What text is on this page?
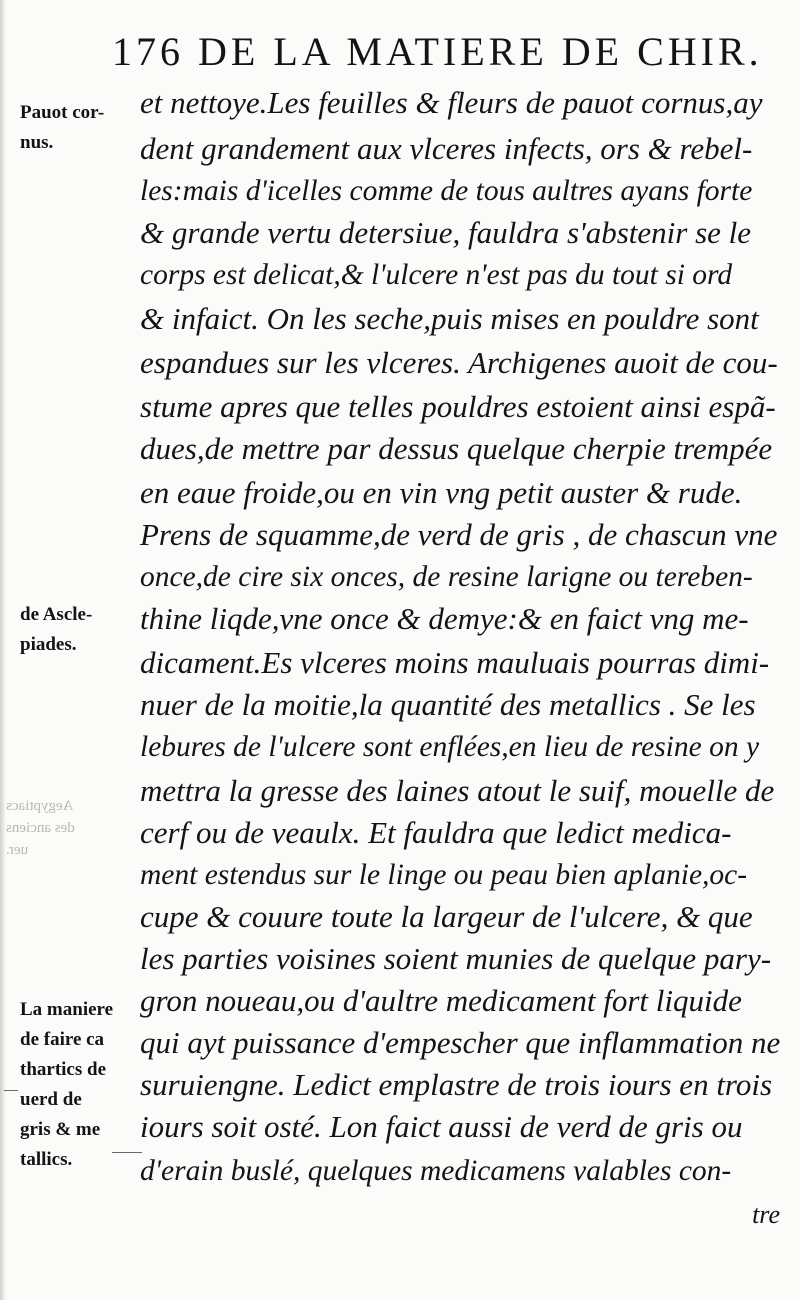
Aegyptiacs
des anciens
uer.
176 DE LA MATIERE DE CHIR.
Pauot cor-
nus.
de Ascle-
piades.
La maniere
de faire ca
thartics de
uerd de
gris & me
tallics.
et nettoye.Les feuilles & fleurs de pauot cornus,ay
dent grandement aux vlceres infects, ors & rebel-
les:mais d'icelles comme de tous aultres ayans forte
& grande vertu detersiue, fauldra s'abstenir se le
corps est delicat,& l'ulcere n'est pas du tout si ord
& infaict. On les seche,puis mises en pouldre sont
espandues sur les vlceres. Archigenes auoit de cou-
stume apres que telles pouldres estoient ainsi espã-
dues,de mettre par dessus quelque cherpie trempée
en eaue froide,ou en vin vng petit auster & rude.
Prens de squamme,de verd de gris , de chascun vne
once,de cire six onces, de resine larigne ou tereben-
thine liqde,vne once & demye:& en faict vng me-
dicament.Es vlceres moins mauluais pourras dimi-
nuer de la moitie,la quantité des metallics . Se les
lebures de l'ulcere sont enflées,en lieu de resine on y
mettra la gresse des laines atout le suif, mouelle de
cerf ou de veaulx. Et fauldra que ledict medica-
ment estendus sur le linge ou peau bien aplanie,oc-
cupe & couure toute la largeur de l'ulcere, & que
les parties voisines soient munies de quelque pary-
gron noueau,ou d'aultre medicament fort liquide
qui ayt puissance d'empescher que inflammation ne
suruiengne. Ledict emplastre de trois iours en trois
iours soit osté. Lon faict aussi de verd de gris ou
d'erain buslé, quelques medicamens valables con-
tre
